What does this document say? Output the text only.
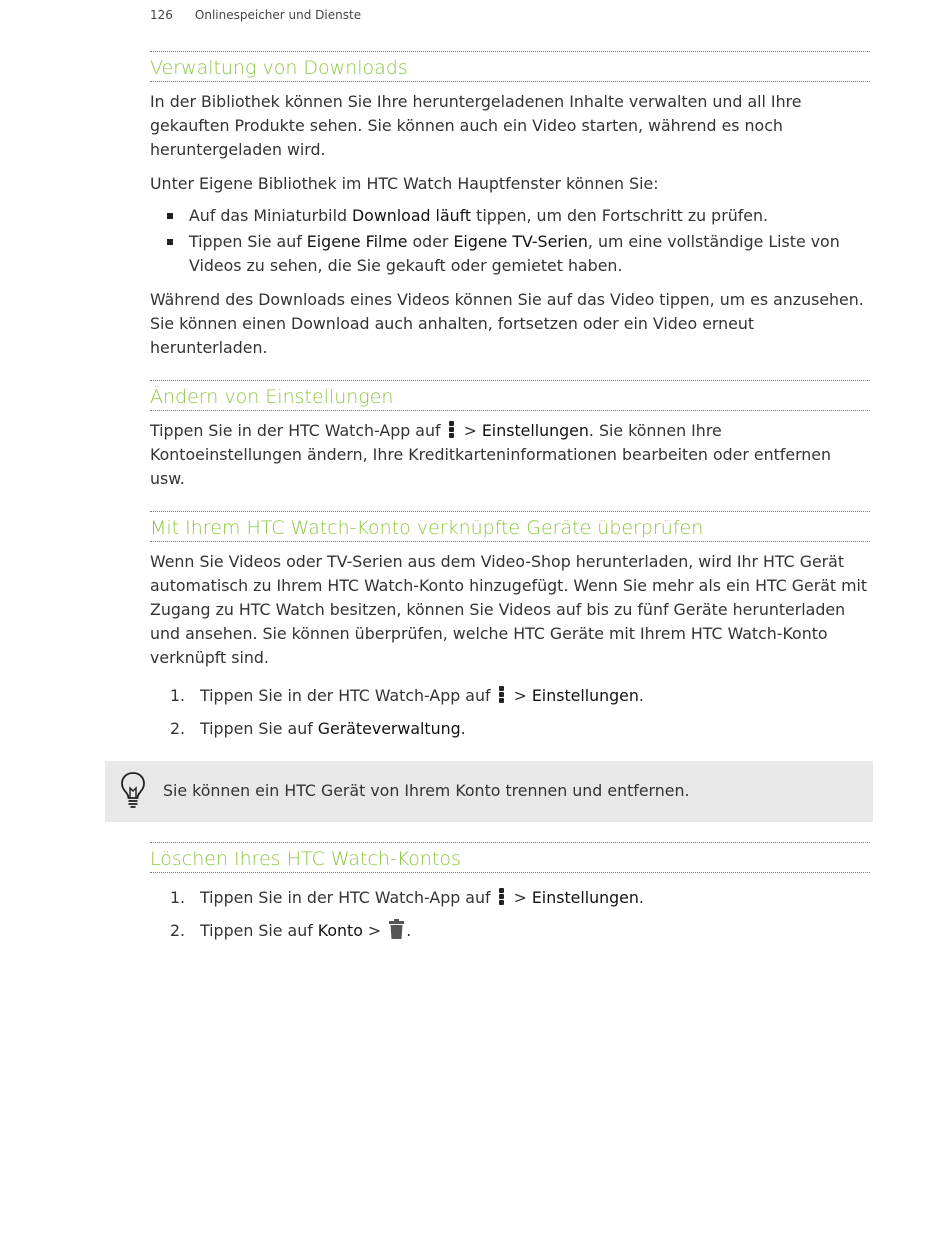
126 Onlinespeicher und Dienste
Verwaltung von Downloads

In der Bibliothek können Sie Ihre heruntergeladenen Inhalte verwalten und all Ihre gekauften Produkte sehen. Sie können auch ein Video starten, während es noch heruntergeladen wird.

Unter Eigene Bibliothek im HTC Watch Hauptfenster können Sie:

Auf das Miniaturbild Download läuft tippen, um den Fortschritt zu prüfen.
Tippen Sie auf Eigene Filme oder Eigene TV-Serien, um eine vollständige Liste von Videos zu sehen, die Sie gekauft oder gemietet haben.

Während des Downloads eines Videos können Sie auf das Video tippen, um es anzusehen. Sie können einen Download auch anhalten, fortsetzen oder ein Video erneut herunterladen.

Ändern von Einstellungen

Tippen Sie in der HTC Watch-App auf
> Einstellungen. Sie können Ihre Kontoeinstellungen ändern, Ihre Kreditkarteninformationen bearbeiten oder entfernen usw.

Mit Ihrem HTC Watch-Konto verknüpfte Geräte überprüfen

Wenn Sie Videos oder TV-Serien aus dem Video-Shop herunterladen, wird Ihr HTC Gerät automatisch zu Ihrem HTC Watch-Konto hinzugefügt. Wenn Sie mehr als ein HTC Gerät mit Zugang zu HTC Watch besitzen, können Sie Videos auf bis zu fünf Geräte herunterladen und ansehen. Sie können überprüfen, welche HTC Geräte mit Ihrem HTC Watch-Konto verknüpft sind.

1. Tippen Sie in der HTC Watch-App auf
> Einstellungen.
2. Tippen Sie auf Geräteverwaltung.
Löschen Ihres HTC Watch-Kontos
1. Tippen Sie in der HTC Watch-App auf
> Einstellungen.
2. Tippen Sie auf Konto > .
Sie können ein HTC Gerät von Ihrem Konto trennen und entfernen.
